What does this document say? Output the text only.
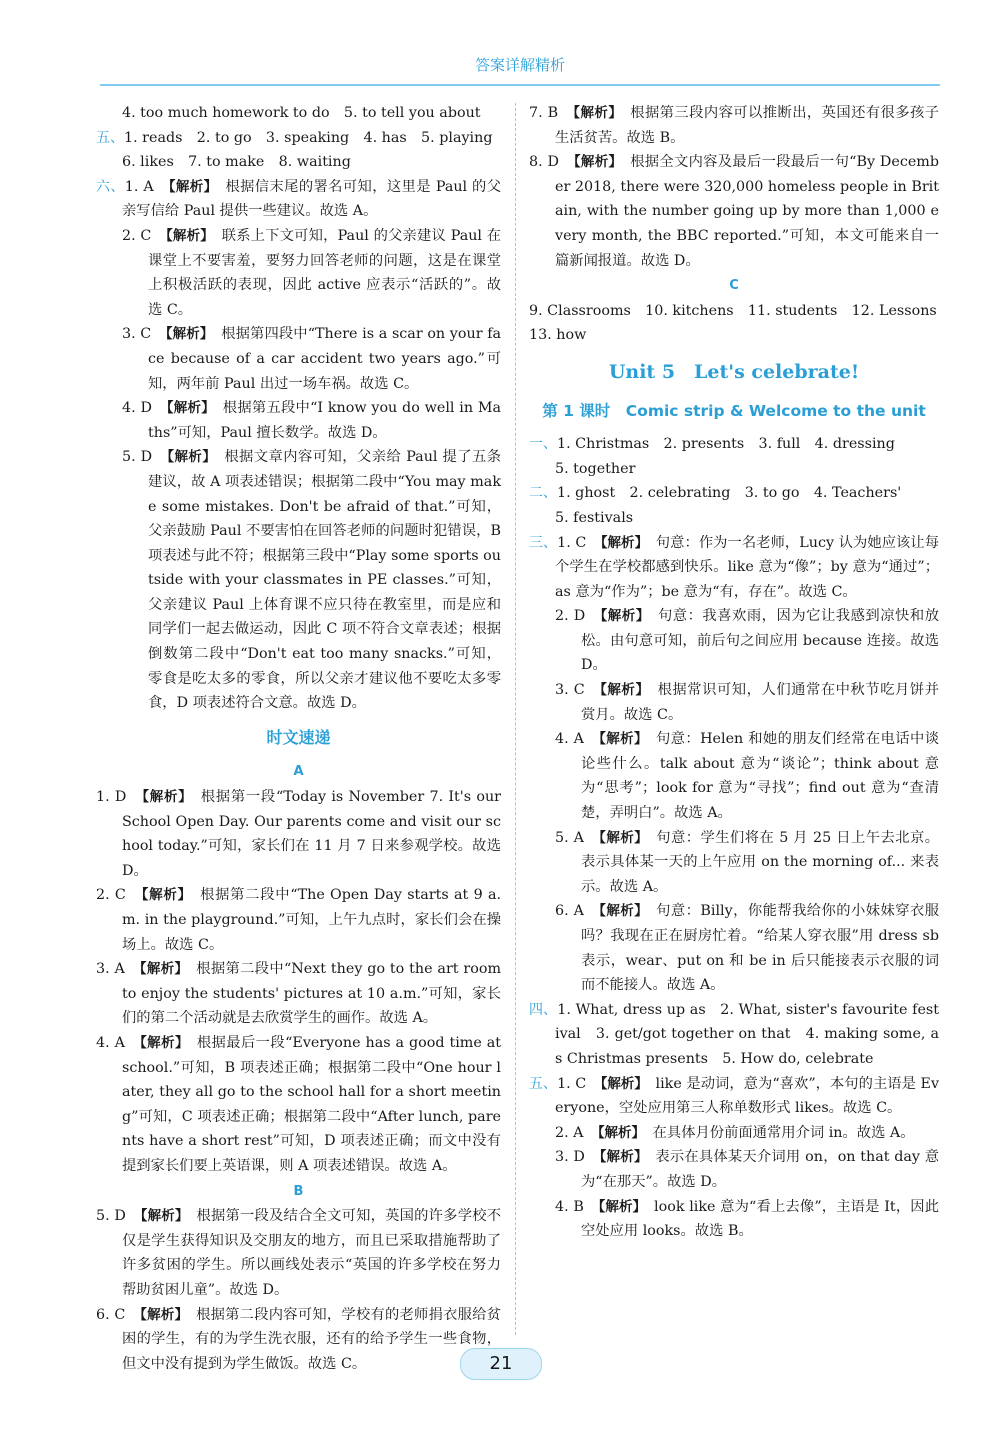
答案详解精析

4. too much homework to do　5. to tell you about

五、1. reads　2. to go　3. speaking　4. has　5. playing

6. likes　7. to make　8. waiting

六、1. A　 【解析】　 根据信末尾的署名可知，这里是 Paul 的父亲写信给 Paul 提供一些建议。故选 A。

2. C　 【解析】　 联系上下文可知，Paul 的父亲建议 Paul 在课堂上不要害羞，要努力回答老师的问题，这是在课堂上积极活跃的表现，因此 active 应表示“活跃的”。故选 C。

3. C　 【解析】　 根据第四段中“There is a scar on your face because of a car accident two years ago.”可知，两年前 Paul 出过一场车祸。故选 C。

4. D　 【解析】　 根据第五段中“I know you do well in Maths”可知，Paul 擅长数学。故选 D。

5. D　 【解析】　 根据文章内容可知，父亲给 Paul 提了五条建议，故 A 项表述错误；根据第二段中“You may make some mistakes. Don't be afraid of that.”可知，父亲鼓励 Paul 不要害怕在回答老师的问题时犯错误，B 项表述与此不符；根据第三段中“Play some sports outside with your classmates in PE classes.”可知，父亲建议 Paul 上体育课不应只待在教室里，而是应和同学们一起去做运动，因此 C 项不符合文章表述；根据倒数第二段中“Don't eat too many snacks.”可知，零食是吃太多的零食，所以父亲才建议他不要吃太多零食，D 项表述符合文意。故选 D。

时文速递

A

1. D　 【解析】　 根据第一段“Today is November 7. It's our School Open Day. Our parents come and visit our school today.”可知，家长们在 11 月 7 日来参观学校。故选 D。

2. C　 【解析】　 根据第二段中“The Open Day starts at 9 a.m. in the playground.”可知，上午九点时，家长们会在操场上。故选 C。

3. A　 【解析】　 根据第二段中“Next they go to the art room to enjoy the students' pictures at 10 a.m.”可知，家长们的第二个活动就是去欣赏学生的画作。故选 A。

4. A　 【解析】　 根据最后一段“Everyone has a good time at school.”可知，B 项表述正确；根据第二段中“One hour later, they all go to the school hall for a short meeting”可知，C 项表述正确；根据第二段中“After lunch, parents have a short rest”可知，D 项表述正确；而文中没有提到家长们要上英语课，则 A 项表述错误。故选 A。

B

5. D　 【解析】　 根据第一段及结合全文可知，英国的许多学校不仅是学生获得知识及交朋友的地方，而且已采取措施帮助了许多贫困的学生。所以画线处表示“英国的许多学校在努力帮助贫困儿童”。故选 D。

6. C　 【解析】　 根据第二段内容可知，学校有的老师捐衣服给贫困的学生，有的为学生洗衣服，还有的给予学生一些食物，但文中没有提到为学生做饭。故选 C。

7. B　 【解析】　 根据第三段内容可以推断出，英国还有很多孩子生活贫苦。故选 B。

8. D　 【解析】　 根据全文内容及最后一段最后一句“By December 2018, there were 320,000 homeless people in Britain, with the number going up by more than 1,000 every month, the BBC reported.”可知，本文可能来自一篇新闻报道。故选 D。

C

9. Classrooms　10. kitchens　11. students　12. Lessons

13. how

Unit 5　Let's celebrate!

第 1 课时　Comic strip & Welcome to the unit

一、1. Christmas　2. presents　3. full　4. dressing

5. together

二、1. ghost　2. celebrating　3. to go　4. Teachers'

5. festivals

三、1. C　 【解析】　 句意：作为一名老师，Lucy 认为她应该让每个学生在学校都感到快乐。like 意为“像”；by 意为“通过”；as 意为“作为”；be 意为“有，存在”。故选 C。

2. D　 【解析】　 句意：我喜欢雨，因为它让我感到凉快和放松。由句意可知，前后句之间应用 because 连接。故选 D。

3. C　 【解析】　 根据常识可知，人们通常在中秋节吃月饼并赏月。故选 C。

4. A　 【解析】　 句意：Helen 和她的朋友们经常在电话中谈论些什么。talk about 意为“谈论”；think about 意为“思考”；look for 意为“寻找”；find out 意为“查清楚，弄明白”。故选 A。

5. A　 【解析】　 句意：学生们将在 5 月 25 日上午去北京。表示具体某一天的上午应用 on the morning of... 来表示。故选 A。

6. A　 【解析】　 句意：Billy，你能帮我给你的小妹妹穿衣服吗？我现在正在厨房忙着。“给某人穿衣服”用 dress sb 表示，wear、put on 和 be in 后只能接表示衣服的词而不能接人。故选 A。

四、1. What, dress up as　2. What, sister's favourite festival　3. get/got together on that　4. making some, as Christmas presents　5. How do, celebrate

五、1. C　 【解析】　 like 是动词，意为“喜欢”，本句的主语是 Everyone，空处应用第三人称单数形式 likes。故选 C。

2. A　 【解析】　 在具体月份前面通常用介词 in。故选 A。

3. D　 【解析】　 表示在具体某天介词用 on，on that day 意为“在那天”。故选 D。

4. B　 【解析】　 look like 意为“看上去像”，主语是 It，因此空处应用 looks。故选 B。

21
